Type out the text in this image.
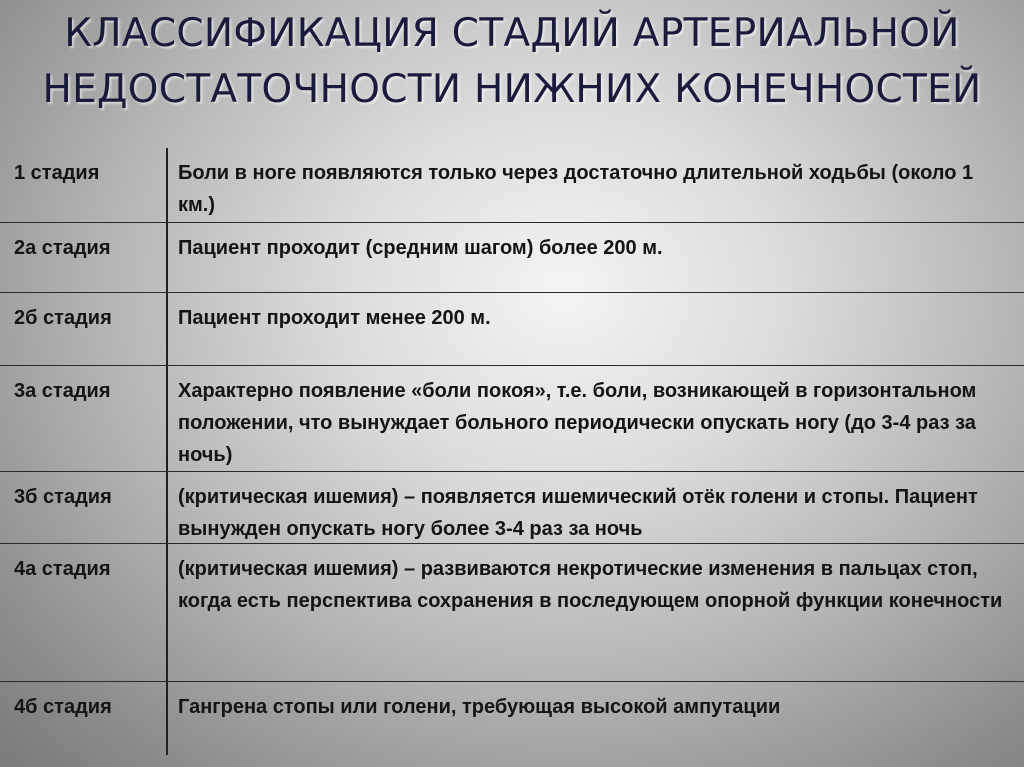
КЛАССИФИКАЦИЯ СТАДИЙ АРТЕРИАЛЬНОЙ
НЕДОСТАТОЧНОСТИ НИЖНИХ КОНЕЧНОСТЕЙ
1 стадия	Боли в ноге появляются только через достаточно длительной ходьбы (около 1 км.)
2а стадия	Пациент проходит (средним шагом) более 200 м.
2б стадия	Пациент проходит менее 200 м.
3а стадия	Характерно появление «боли покоя», т.е. боли, возникающей в горизонтальном положении, что вынуждает больного периодически опускать ногу (до 3-4 раз за ночь)
3б стадия	(критическая ишемия) – появляется ишемический отёк голени и стопы. Пациент вынужден опускать ногу более 3-4 раз за ночь
4а стадия	(критическая ишемия) – развиваются некротические изменения в пальцах стоп, когда есть перспектива сохранения в последующем опорной функции конечности
4б стадия	Гангрена стопы или голени, требующая высокой ампутации
